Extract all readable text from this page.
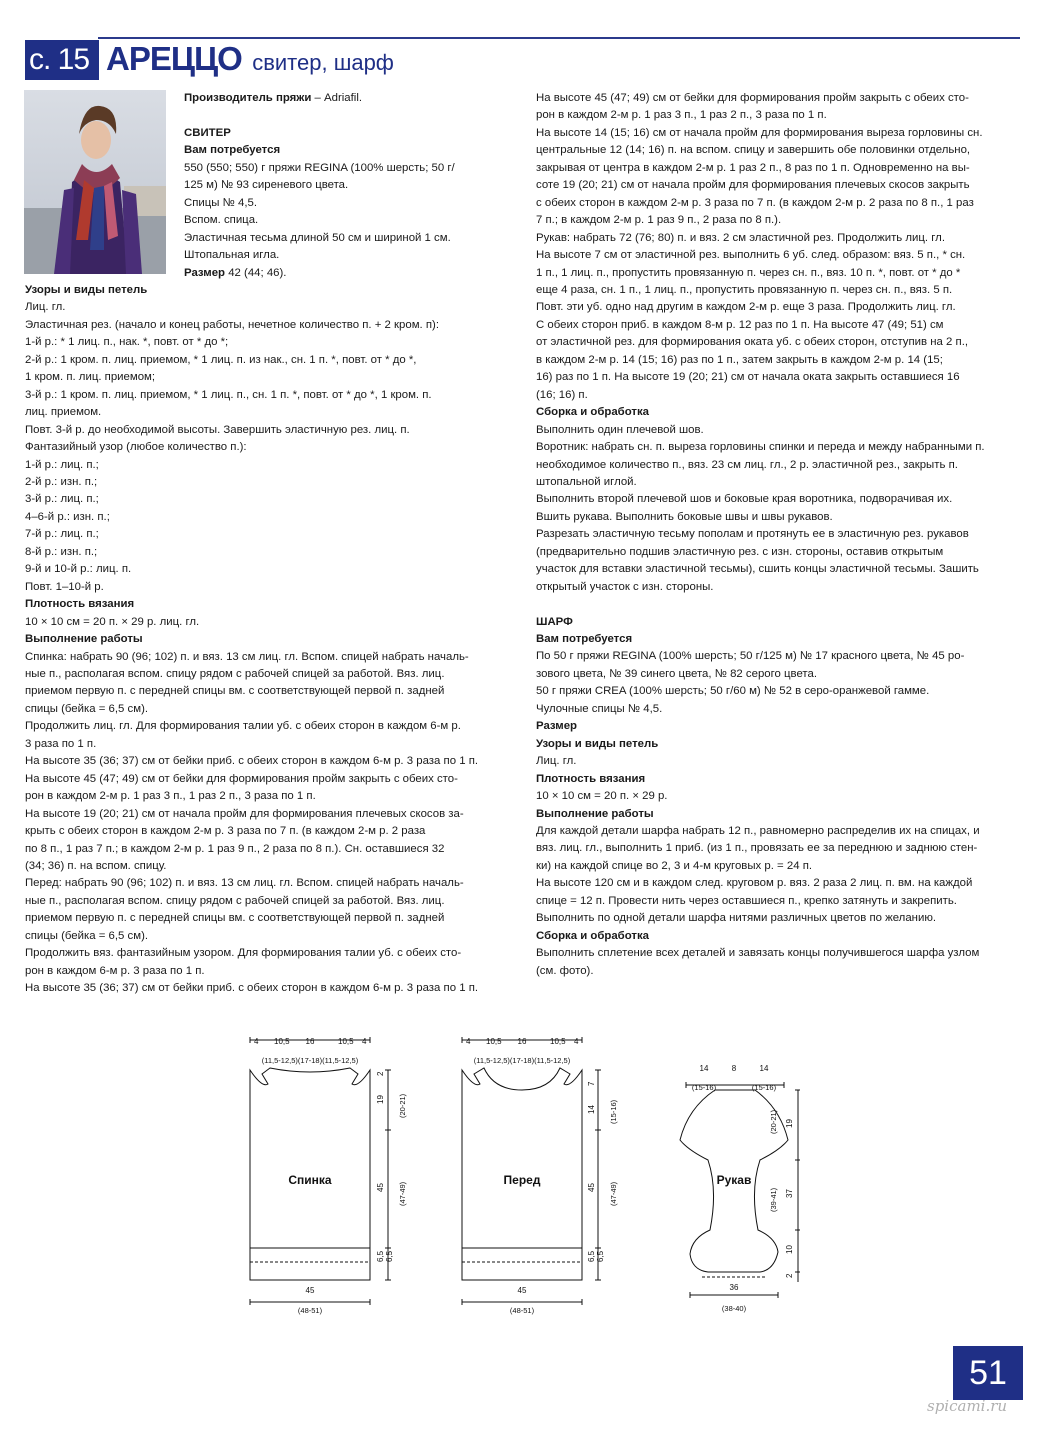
с. 15 АРЕЦЦО свитер, шарф

Производитель пряжи – Adriafil.

СВИТЕР

Вам потребуется

550 (550; 550) г пряжи REGINA (100% шерсть; 50 г/

125 м) № 93 сиреневого цвета.

Спицы № 4,5.

Вспом. спица.

Эластичная тесьма длиной 50 см и шириной 1 см.

Штопальная игла.

Размер 42 (44; 46).

Узоры и виды петель

Лиц. гл.

Эластичная рез. (начало и конец работы, нечетное количество п. + 2 кром. п):

1-й р.: * 1 лиц. п., нак. *, повт. от * до *;

2-й р.: 1 кром. п. лиц. приемом, * 1 лиц. п. из нак., сн. 1 п. *, повт. от * до *,

1 кром. п. лиц. приемом;

3-й р.: 1 кром. п. лиц. приемом, * 1 лиц. п., сн. 1 п. *, повт. от * до *, 1 кром. п.

лиц. приемом.

Повт. 3-й р. до необходимой высоты. Завершить эластичную рез. лиц. п.

Фантазийный узор (любое количество п.):

1-й р.: лиц. п.;

2-й р.: изн. п.;

3-й р.: лиц. п.;

4–6-й р.: изн. п.;

7-й р.: лиц. п.;

8-й р.: изн. п.;

9-й и 10-й р.: лиц. п.

Повт. 1–10-й р.

Плотность вязания

10 × 10 см = 20 п. × 29 р. лиц. гл.

Выполнение работы

Спинка: набрать 90 (96; 102) п. и вяз. 13 см лиц. гл. Вспом. спицей набрать началь-

ные п., располагая вспом. спицу рядом с рабочей спицей за работой. Вяз. лиц.

приемом первую п. с передней спицы вм. с соответствующей первой п. задней

спицы (бейка = 6,5 см).

Продолжить лиц. гл. Для формирования талии уб. с обеих сторон в каждом 6-м р.

3 раза по 1 п.

На высоте 35 (36; 37) см от бейки приб. с обеих сторон в каждом 6-м р. 3 раза по 1 п.

На высоте 45 (47; 49) см от бейки для формирования пройм закрыть с обеих сто-

рон в каждом 2-м р. 1 раз 3 п., 1 раз 2 п., 3 раза по 1 п.

На высоте 19 (20; 21) см от начала пройм для формирования плечевых скосов за-

крыть с обеих сторон в каждом 2-м р. 3 раза по 7 п. (в каждом 2-м р. 2 раза

по 8 п., 1 раз 7 п.; в каждом 2-м р. 1 раз 9 п., 2 раза по 8 п.). Сн. оставшиеся 32

(34; 36) п. на вспом. спицу.

Перед: набрать 90 (96; 102) п. и вяз. 13 см лиц. гл. Вспом. спицей набрать началь-

ные п., располагая вспом. спицу рядом с рабочей спицей за работой. Вяз. лиц.

приемом первую п. с передней спицы вм. с соответствующей первой п. задней

спицы (бейка = 6,5 см).

Продолжить вяз. фантазийным узором. Для формирования талии уб. с обеих сто-

рон в каждом 6-м р. 3 раза по 1 п.

На высоте 35 (36; 37) см от бейки приб. с обеих сторон в каждом 6-м р. 3 раза по 1 п.

На высоте 45 (47; 49) см от бейки для формирования пройм закрыть с обеих сто-

рон в каждом 2-м р. 1 раз 3 п., 1 раз 2 п., 3 раза по 1 п.

На высоте 14 (15; 16) см от начала пройм для формирования выреза горловины сн.

центральные 12 (14; 16) п. на вспом. спицу и завершить обе половинки отдельно,

закрывая от центра в каждом 2-м р. 1 раз 2 п., 8 раз по 1 п. Одновременно на вы-

соте 19 (20; 21) см от начала пройм для формирования плечевых скосов закрыть

с обеих сторон в каждом 2-м р. 3 раза по 7 п. (в каждом 2-м р. 2 раза по 8 п., 1 раз

7 п.; в каждом 2-м р. 1 раз 9 п., 2 раза по 8 п.).

Рукав: набрать 72 (76; 80) п. и вяз. 2 см эластичной рез. Продолжить лиц. гл.

На высоте 7 см от эластичной рез. выполнить 6 уб. след. образом: вяз. 5 п., * сн.

1 п., 1 лиц. п., пропустить провязанную п. через сн. п., вяз. 10 п. *, повт. от * до *

еще 4 раза, сн. 1 п., 1 лиц. п., пропустить провязанную п. через сн. п., вяз. 5 п.

Повт. эти уб. одно над другим в каждом 2-м р. еще 3 раза. Продолжить лиц. гл.

С обеих сторон приб. в каждом 8-м р. 12 раз по 1 п. На высоте 47 (49; 51) см

от эластичной рез. для формирования оката уб. с обеих сторон, отступив на 2 п.,

в каждом 2-м р. 14 (15; 16) раз по 1 п., затем закрыть в каждом 2-м р. 14 (15;

16) раз по 1 п. На высоте 19 (20; 21) см от начала оката закрыть оставшиеся 16

(16; 16) п.

Сборка и обработка

Выполнить один плечевой шов.

Воротник: набрать сн. п. выреза горловины спинки и переда и между набранными п.

необходимое количество п., вяз. 23 см лиц. гл., 2 р. эластичной рез., закрыть п.

штопальной иглой.

Выполнить второй плечевой шов и боковые края воротника, подворачивая их.

Вшить рукава. Выполнить боковые швы и швы рукавов.

Разрезать эластичную тесьму пополам и протянуть ее в эластичную рез. рукавов

(предварительно подшив эластичную рез. с изн. стороны, оставив открытым

участок для вставки эластичной тесьмы), сшить концы эластичной тесьмы. Зашить

открытый участок с изн. стороны.

ШАРФ

Вам потребуется

По 50 г пряжи REGINA (100% шерсть; 50 г/125 м) № 17 красного цвета, № 45 ро-

зового цвета, № 39 синего цвета, № 82 серого цвета.

50 г пряжи CREA (100% шерсть; 50 г/60 м) № 52 в серо-оранжевой гамме.

Чулочные спицы № 4,5.

Размер

Узоры и виды петель

Лиц. гл.

Плотность вязания

10 × 10 см = 20 п. × 29 р.

Выполнение работы

Для каждой детали шарфа набрать 12 п., равномерно распределив их на спицах, и

вяз. лиц. гл., выполнить 1 приб. (из 1 п., провязать ее за переднюю и заднюю стен-

ки) на каждой спице во 2, 3 и 4-м круговых р. = 24 п.

На высоте 120 см и в каждом след. круговом р. вяз. 2 раза 2 лиц. п. вм. на каждой

спице = 12 п. Провести нить через оставшиеся п., крепко затянуть и закрепить.

Выполнить по одной детали шарфа нитями различных цветов по желанию.

Сборка и обработка

Выполнить сплетение всех деталей и завязать концы получившегося шарфа узлом

(см. фото).

Спинка
4 10,5 16	10,5 4
(11,5-12,5)(17-18)(11,5-12,5)
45
(48-51)
2
19
45
6,5 6,5
(20-21)
(47-49)
Перед
4 10,5 16	10,5 4
(11,5-12,5)(17-18)(11,5-12,5)
45
(48-51)
7
14
45
6,5 6,5
(15-16)
(47-49)
Рукав
14	8	14
(15-16)	(15-16)
36
(38-40)
19
37
10
2
(20-21)
(39-41)
51
spicami.ru
